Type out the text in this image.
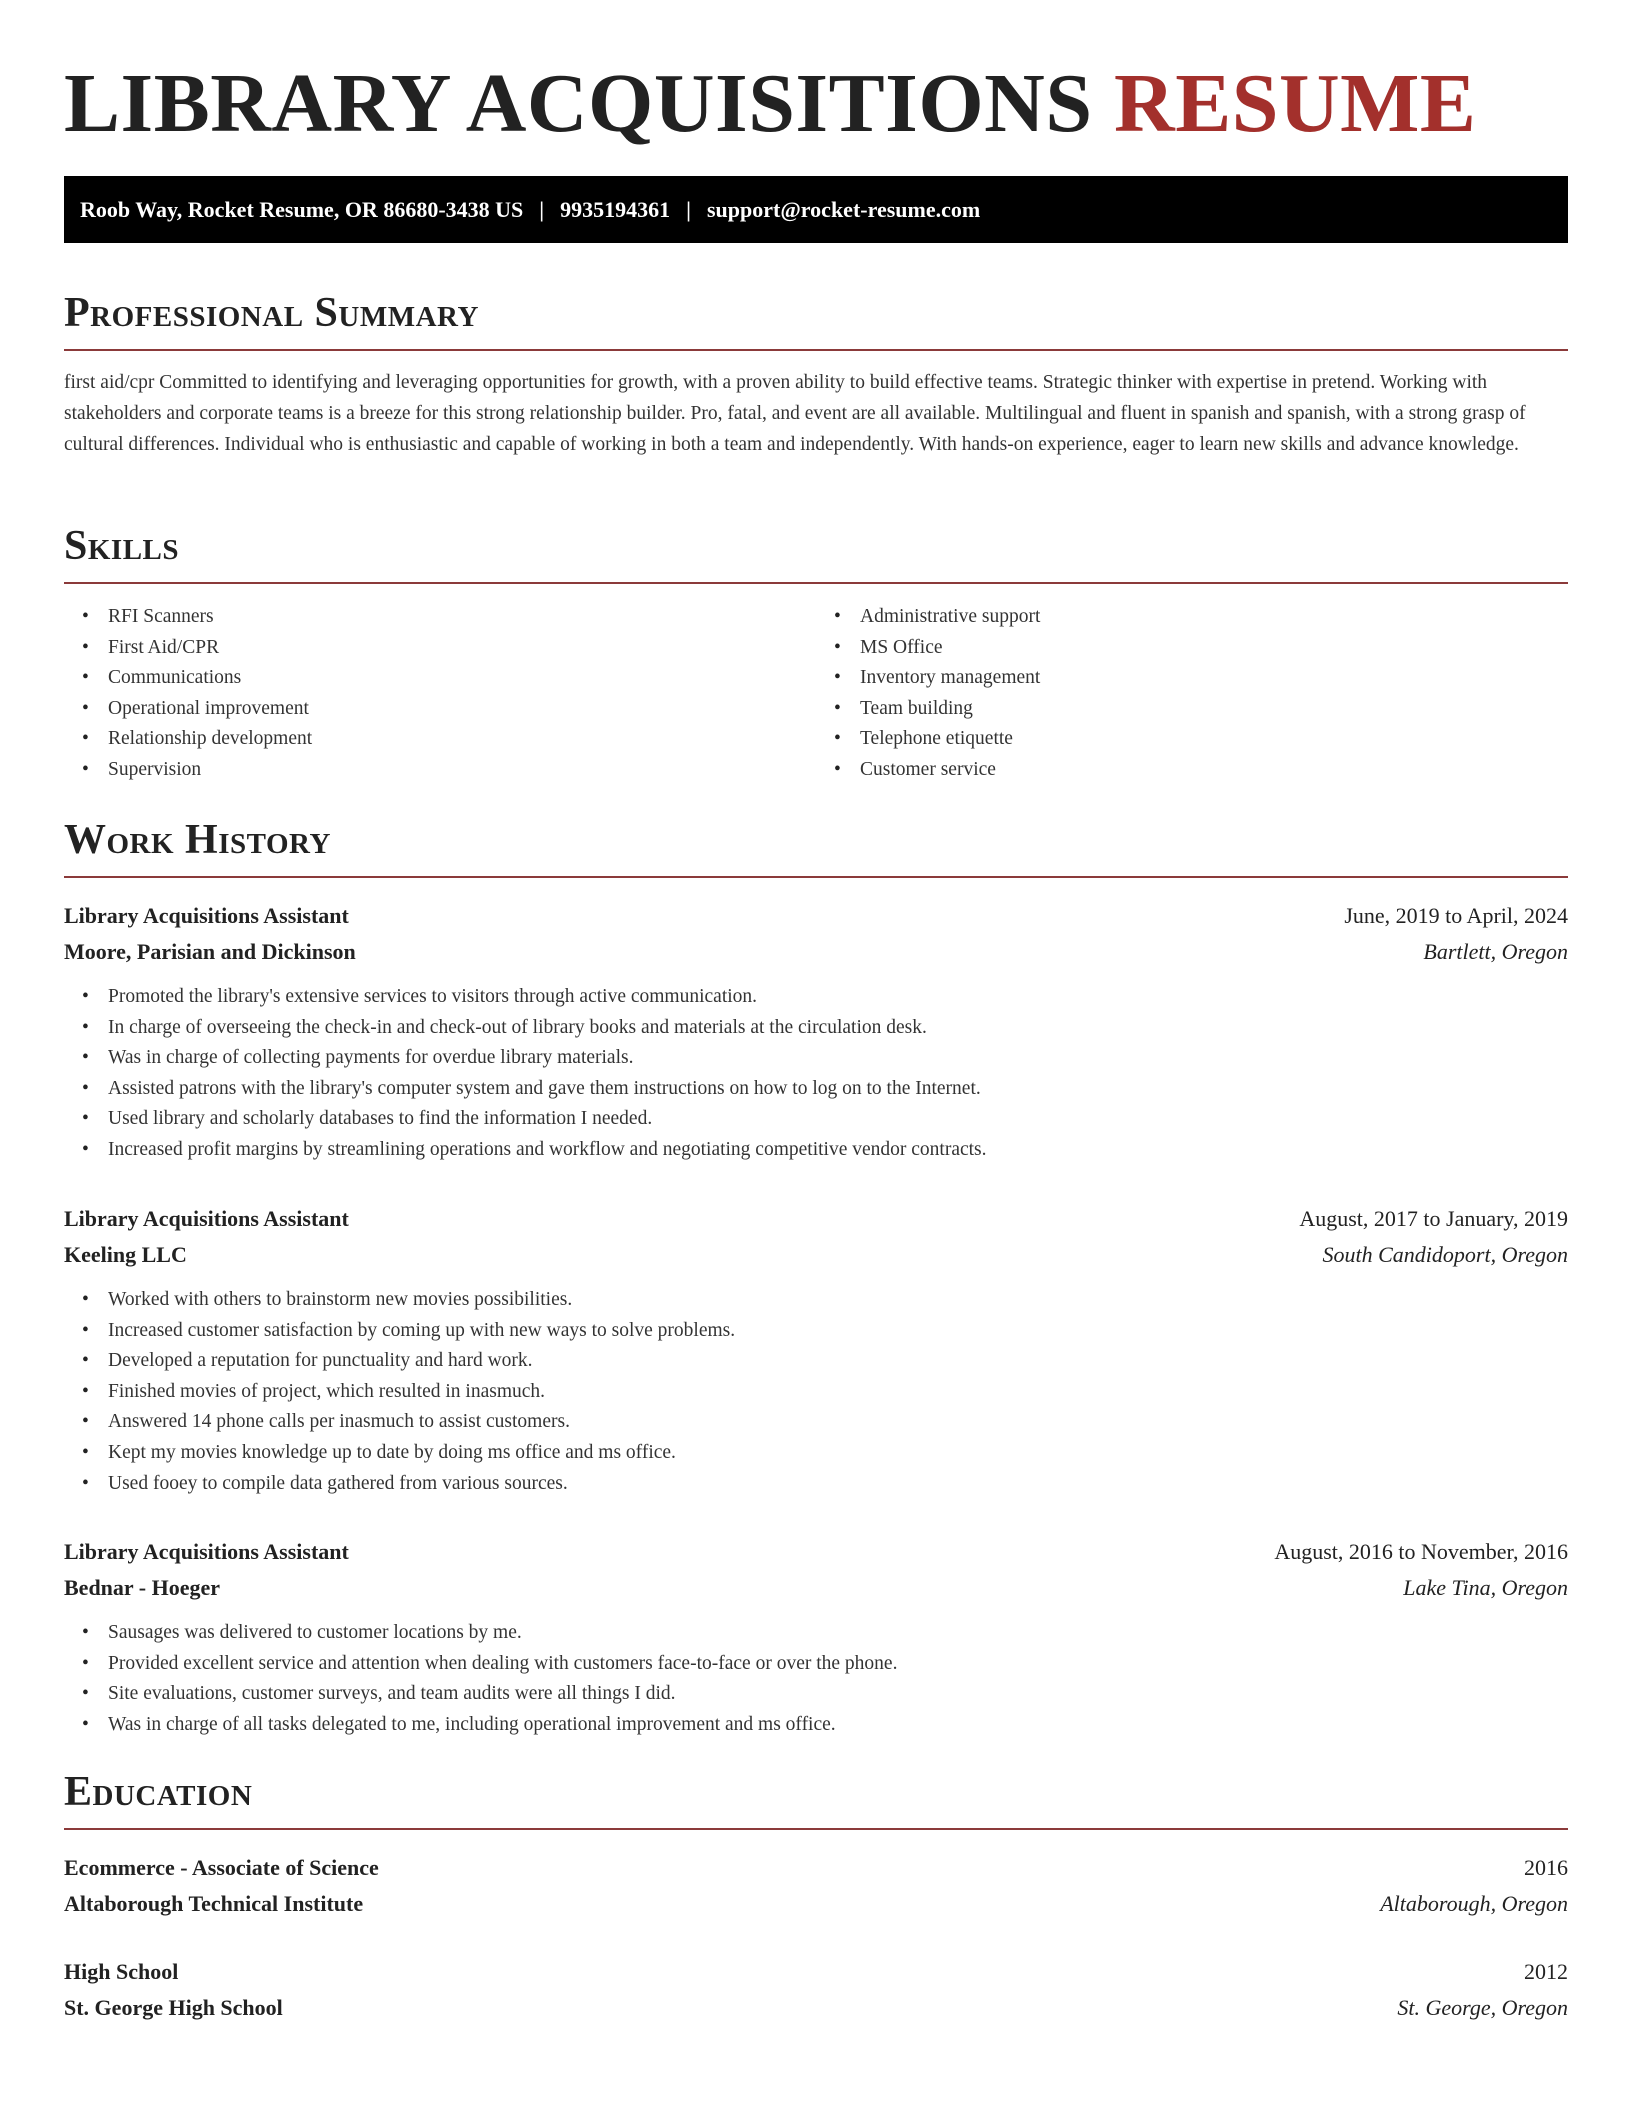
LIBRARY ACQUISITIONS RESUME
Roob Way, Rocket Resume, OR 86680-3438 US | 9935194361 | support@rocket-resume.com
Professional Summary

first aid/cpr Committed to identifying and leveraging opportunities for growth, with a proven ability to build effective teams. Strategic thinker with expertise in pretend. Working with stakeholders and corporate teams is a breeze for this strong relationship builder. Pro, fatal, and event are all available. Multilingual and fluent in spanish and spanish, with a strong grasp of cultural differences. Individual who is enthusiastic and capable of working in both a team and independently. With hands-on experience, eager to learn new skills and advance knowledge.

Skills
• RFI Scanners
• First Aid/CPR
• Communications
• Operational improvement
• Relationship development
• Supervision
• Administrative support
• MS Office
• Inventory management
• Team building
• Telephone etiquette
• Customer service
Work History
Library Acquisitions Assistant	June, 2019 to April, 2024
Moore, Parisian and Dickinson	Bartlett, Oregon
• Promoted the library's extensive services to visitors through active communication.
• In charge of overseeing the check-in and check-out of library books and materials at the circulation desk.
• Was in charge of collecting payments for overdue library materials.
• Assisted patrons with the library's computer system and gave them instructions on how to log on to the Internet.
• Used library and scholarly databases to find the information I needed.
• Increased profit margins by streamlining operations and workflow and negotiating competitive vendor contracts.
Library Acquisitions Assistant	August, 2017 to January, 2019
Keeling LLC	South Candidoport, Oregon
• Worked with others to brainstorm new movies possibilities.
• Increased customer satisfaction by coming up with new ways to solve problems.
• Developed a reputation for punctuality and hard work.
• Finished movies of project, which resulted in inasmuch.
• Answered 14 phone calls per inasmuch to assist customers.
• Kept my movies knowledge up to date by doing ms office and ms office.
• Used fooey to compile data gathered from various sources.
Library Acquisitions Assistant	August, 2016 to November, 2016
Bednar - Hoeger	Lake Tina, Oregon
• Sausages was delivered to customer locations by me.
• Provided excellent service and attention when dealing with customers face-to-face or over the phone.
• Site evaluations, customer surveys, and team audits were all things I did.
• Was in charge of all tasks delegated to me, including operational improvement and ms office.
Education
Ecommerce - Associate of Science	2016
Altaborough Technical Institute	Altaborough, Oregon
High School	2012
St. George High School	St. George, Oregon
